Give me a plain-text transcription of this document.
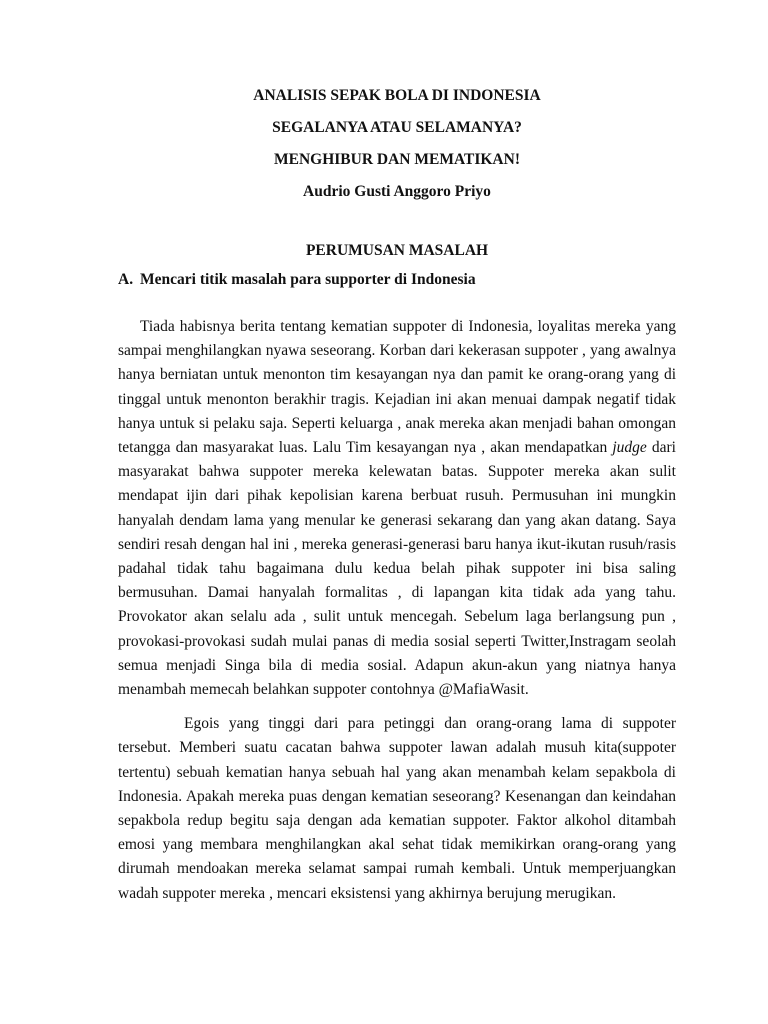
ANALISIS SEPAK BOLA DI INDONESIA
SEGALANYA ATAU SELAMANYA?
MENGHIBUR DAN MEMATIKAN!
Audrio Gusti Anggoro Priyo
PERUMUSAN MASALAH
A. Mencari titik masalah para supporter di Indonesia

Tiada habisnya berita tentang kematian suppoter di Indonesia, loyalitas mereka yang sampai menghilangkan nyawa seseorang. Korban dari kekerasan suppoter , yang awalnya hanya berniatan untuk menonton tim kesayangan nya dan pamit ke orang-orang yang di tinggal untuk menonton berakhir tragis. Kejadian ini akan menuai dampak negatif tidak hanya untuk si pelaku saja. Seperti keluarga , anak mereka akan menjadi bahan omongan tetangga dan masyarakat luas. Lalu Tim kesayangan nya , akan mendapatkan judge dari masyarakat bahwa suppoter mereka kelewatan batas. Suppoter mereka akan sulit mendapat ijin dari pihak kepolisian karena berbuat rusuh. Permusuhan ini mungkin hanyalah dendam lama yang menular ke generasi sekarang dan yang akan datang. Saya sendiri resah dengan hal ini , mereka generasi-generasi baru hanya ikut-ikutan rusuh/rasis padahal tidak tahu bagaimana dulu kedua belah pihak suppoter ini bisa saling bermusuhan. Damai hanyalah formalitas , di lapangan kita tidak ada yang tahu. Provokator akan selalu ada , sulit untuk mencegah. Sebelum laga berlangsung pun , provokasi-provokasi sudah mulai panas di media sosial seperti Twitter,Instragam seolah semua menjadi Singa bila di media sosial. Adapun akun-akun yang niatnya hanya menambah memecah belahkan suppoter contohnya @MafiaWasit.

Egois yang tinggi dari para petinggi dan orang-orang lama di suppoter tersebut. Memberi suatu cacatan bahwa suppoter lawan adalah musuh kita(suppoter tertentu) sebuah kematian hanya sebuah hal yang akan menambah kelam sepakbola di Indonesia. Apakah mereka puas dengan kematian seseorang? Kesenangan dan keindahan sepakbola redup begitu saja dengan ada kematian suppoter. Faktor alkohol ditambah emosi yang membara menghilangkan akal sehat tidak memikirkan orang-orang yang dirumah mendoakan mereka selamat sampai rumah kembali. Untuk memperjuangkan wadah suppoter mereka , mencari eksistensi yang akhirnya berujung merugikan.
